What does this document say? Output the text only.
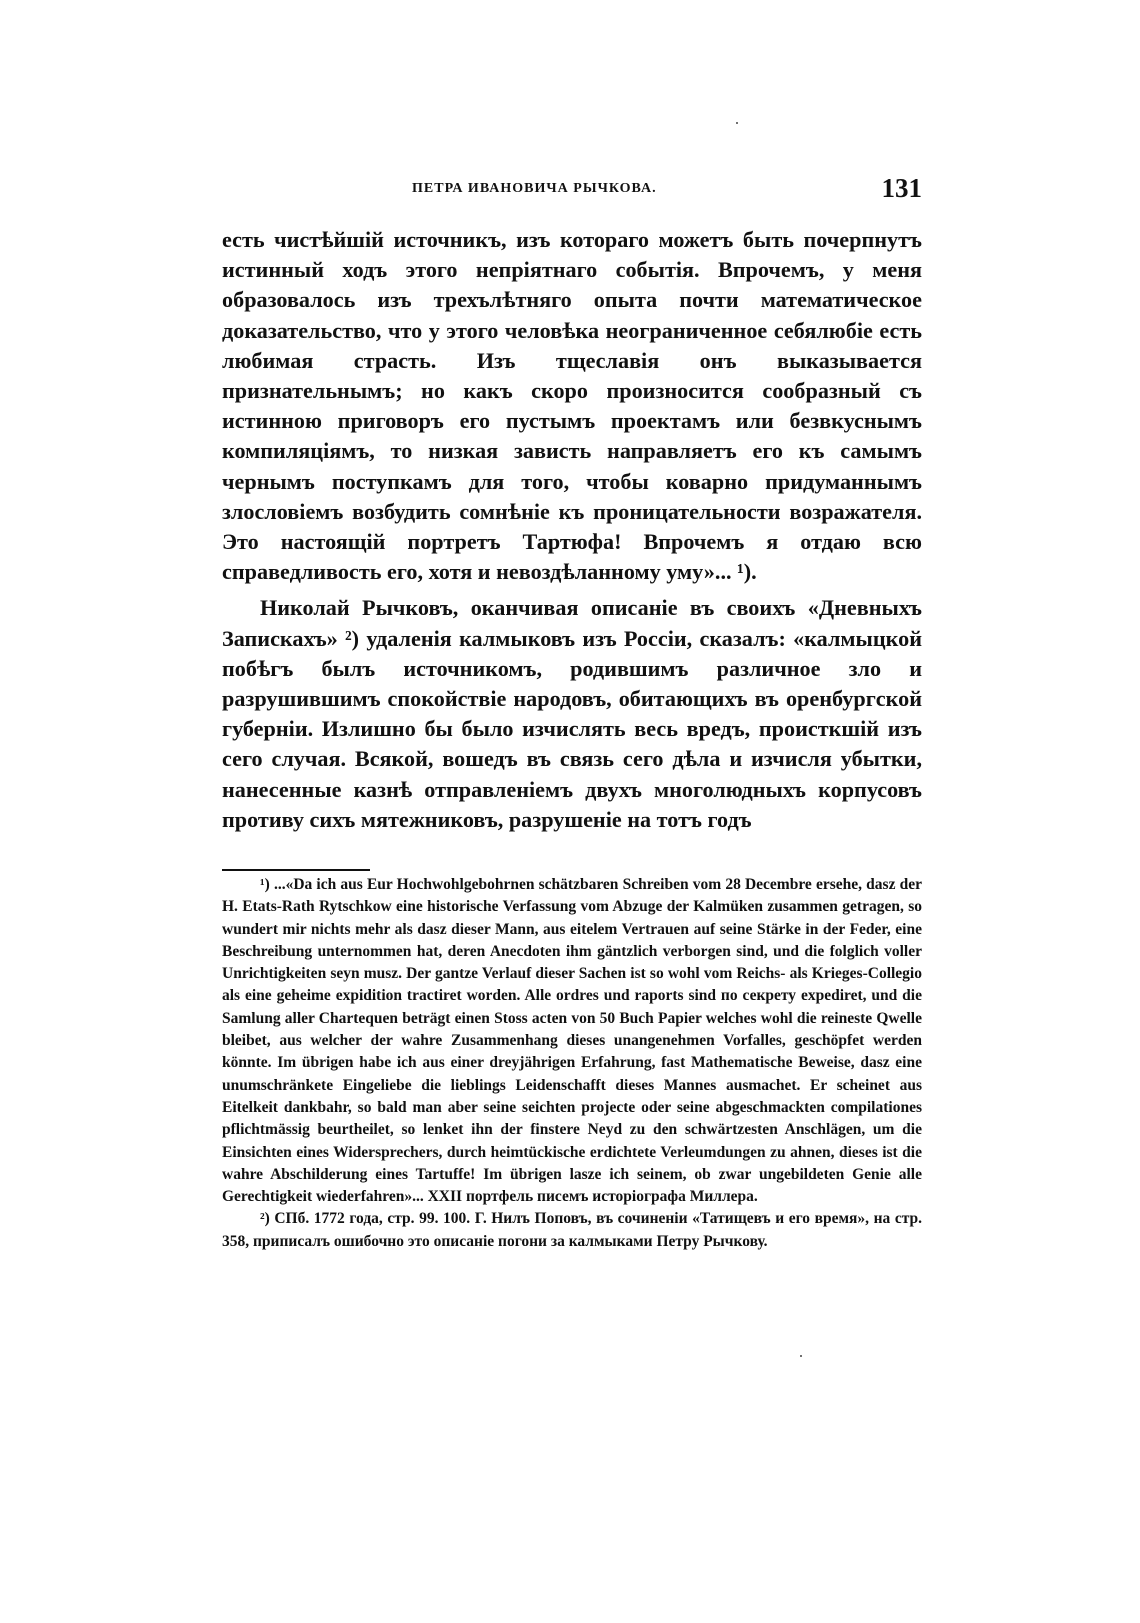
ПЕТРА ИВАНОВИЧА РЫЧКОВА.	131

есть чистѣйшій источникъ, изъ котораго можетъ быть почерпнутъ истинный ходъ этого непріятнаго событія. Впрочемъ, у меня образовалось изъ трехълѣтняго опыта почти математическое доказательство, что у этого человѣка неограниченное себялюбіе есть любимая страсть. Изъ тщеславія онъ выказывается признательнымъ; но какъ скоро произносится сообразный съ истинною приговоръ его пустымъ проектамъ или безвкуснымъ компиляціямъ, то низкая зависть направляетъ его къ самымъ чернымъ поступкамъ для того, чтобы коварно придуманнымъ злословіемъ возбудить сомнѣніе къ проницательности возражателя. Это настоящій портретъ Тартюфа! Впрочемъ я отдаю всю справедливость его, хотя и невоздѣланному уму»... ¹).

Николай Рычковъ, оканчивая описаніе въ своихъ «Дневныхъ Запискахъ» ²) удаленія калмыковъ изъ Россіи, сказалъ: «калмыцкой побѣгъ былъ источникомъ, родившимъ различное зло и разрушившимъ спокойствіе народовъ, обитающихъ въ оренбургской губерніи. Излишно бы было изчислять весь вредъ, происткшій изъ сего случая. Всякой, вошедъ въ связь сего дѣла и изчисля убытки, нанесенные казнѣ отправленіемъ двухъ многолюдныхъ корпусовъ противу сихъ мятежниковъ, разрушеніе на тотъ годъ

¹) ...«Da ich aus Eur Hochwohlgebohrnen schätzbaren Schreiben vom 28 Decembre ersehe, dasz der H. Etats-Rath Rytschkow eine historische Verfassung vom Abzuge der Kalmüken zusammen getragen, so wundert mir nichts mehr als dasz dieser Mann, aus eitelem Vertrauen auf seine Stärke in der Feder, eine Beschreibung unternommen hat, deren Anecdoten ihm gäntzlich verborgen sind, und die folglich voller Unrichtigkeiten seyn musz. Der gantze Verlauf dieser Sachen ist so wohl vom Reichs- als Krieges-Collegio als eine geheime expidition tractiret worden. Alle ordres und raports sind по секрету expediret, und die Samlung aller Chartequen beträgt einen Stoss acten von 50 Buch Papier welches wohl die reineste Qwelle bleibet, aus welcher der wahre Zusammenhang dieses unangenehmen Vorfalles, geschöpfet werden könnte. Im übrigen habe ich aus einer dreyjährigen Erfahrung, fast Mathematische Beweise, dasz eine unumschränkete Eingeliebe die lieblings Leidenschafft dieses Mannes ausmachet. Er scheinet aus Eitelkeit dankbahr, so bald man aber seine seichten projecte oder seine abgeschmackten compilationes pflichtmässig beurtheilet, so lenket ihn der finstere Neyd zu den schwärtzesten Anschlägen, um die Einsichten eines Widersprechers, durch heimtückische erdichtete Verleumdungen zu ahnen, dieses ist die wahre Abschilderung eines Tartuffe! Im übrigen lasze ich seinem, ob zwar ungebildeten Genie alle Gerechtigkeit wiederfahren»... XXII портфель писемъ исторіографа Миллера.

²) СПб. 1772 года, стр. 99. 100. Г. Нилъ Поповъ, въ сочиненіи «Татищевъ и его время», на стр. 358, приписалъ ошибочно это описаніе погони за калмыками Петру Рычкову.
